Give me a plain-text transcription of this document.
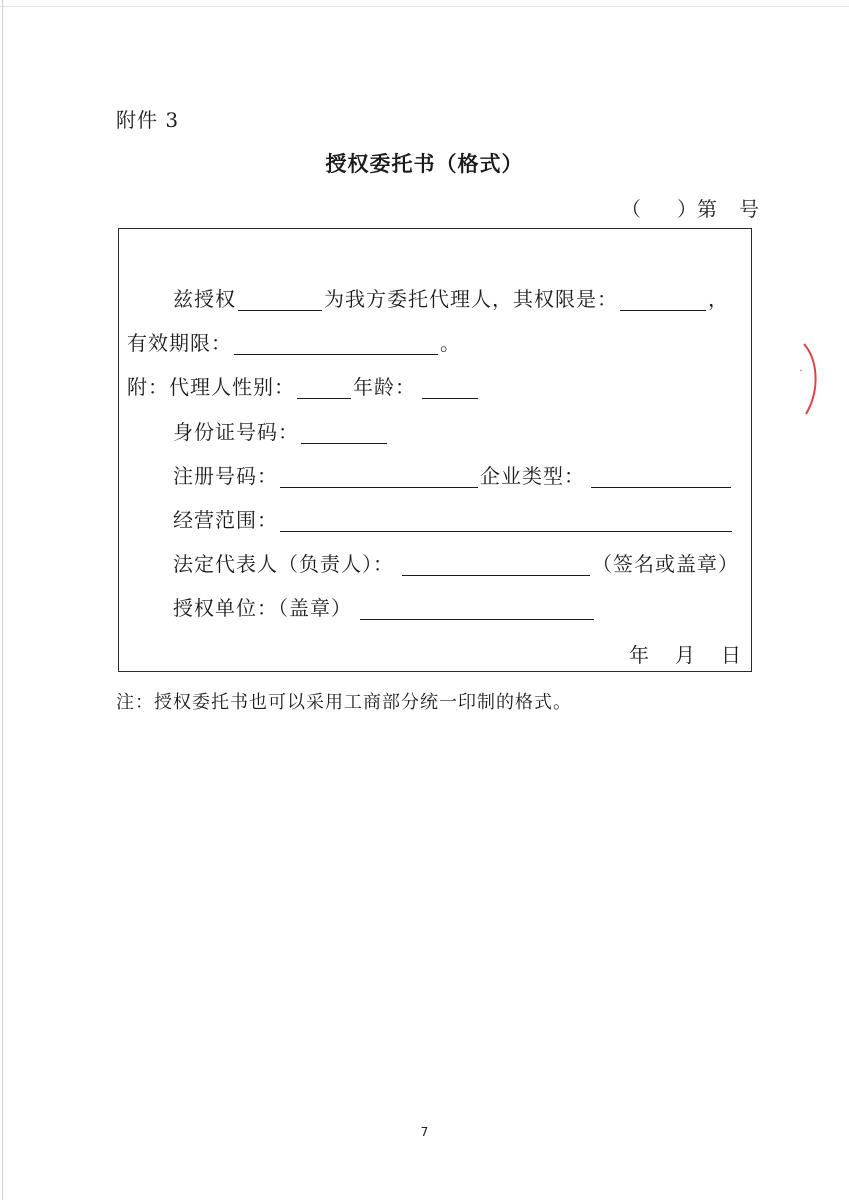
附件 3
授权委托书（格式）
（ ）第 号
兹授权	为我方委托代理人，其权限是：	，
有效期限：	。
附：代理人性别：	年龄：
身份证号码：
注册号码：	企业类型：
经营范围：
法定代表人（负责人）：	（签名或盖章）
授权单位：（盖章）
年 月 日
注：授权委托书也可以采用工商部分统一印制的格式。
7
